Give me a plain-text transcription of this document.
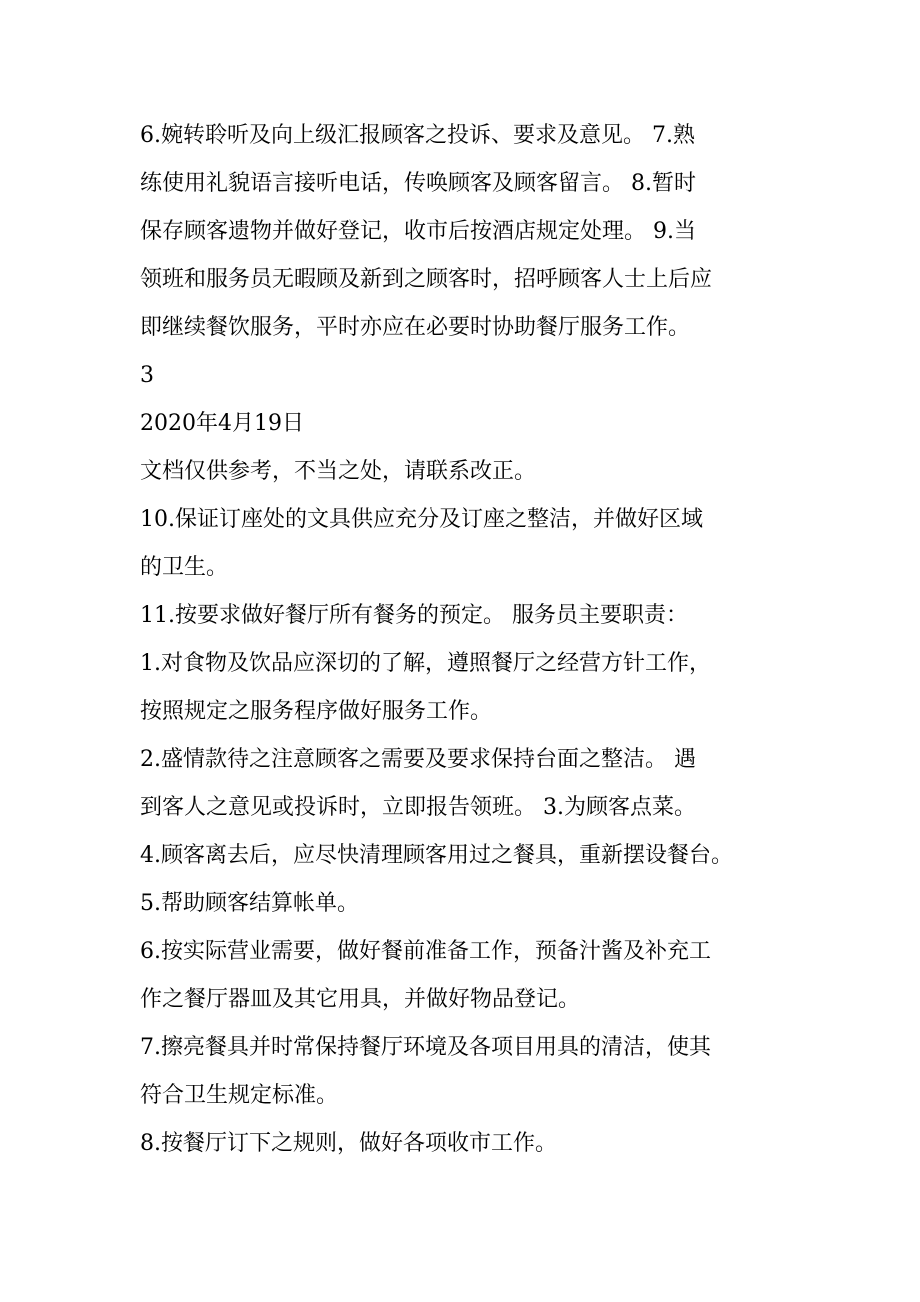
6.婉转聆听及向上级汇报顾客之投诉、要求及意见。 7.熟

练使用礼貌语言接听电话，传唤顾客及顾客留言。 8.暂时

保存顾客遗物并做好登记，收市后按酒店规定处理。 9.当

领班和服务员无暇顾及新到之顾客时，招呼顾客人士上后应

即继续餐饮服务，平时亦应在必要时协助餐厅服务工作。

3

2020年4月19日

文档仅供参考，不当之处，请联系改正。

10.保证订座处的文具供应充分及订座之整洁，并做好区域

的卫生。

11.按要求做好餐厅所有餐务的预定。 服务员主要职责：

1.对食物及饮品应深切的了解，遵照餐厅之经营方针工作，

按照规定之服务程序做好服务工作。

2.盛情款待之注意顾客之需要及要求保持台面之整洁。 遇

到客人之意见或投诉时，立即报告领班。 3.为顾客点菜。

4.顾客离去后，应尽快清理顾客用过之餐具，重新摆设餐台。

5.帮助顾客结算帐单。

6.按实际营业需要，做好餐前准备工作，预备汁酱及补充工

作之餐厅器皿及其它用具，并做好物品登记。

7.擦亮餐具并时常保持餐厅环境及各项目用具的清洁，使其

符合卫生规定标准。

8.按餐厅订下之规则，做好各项收市工作。
